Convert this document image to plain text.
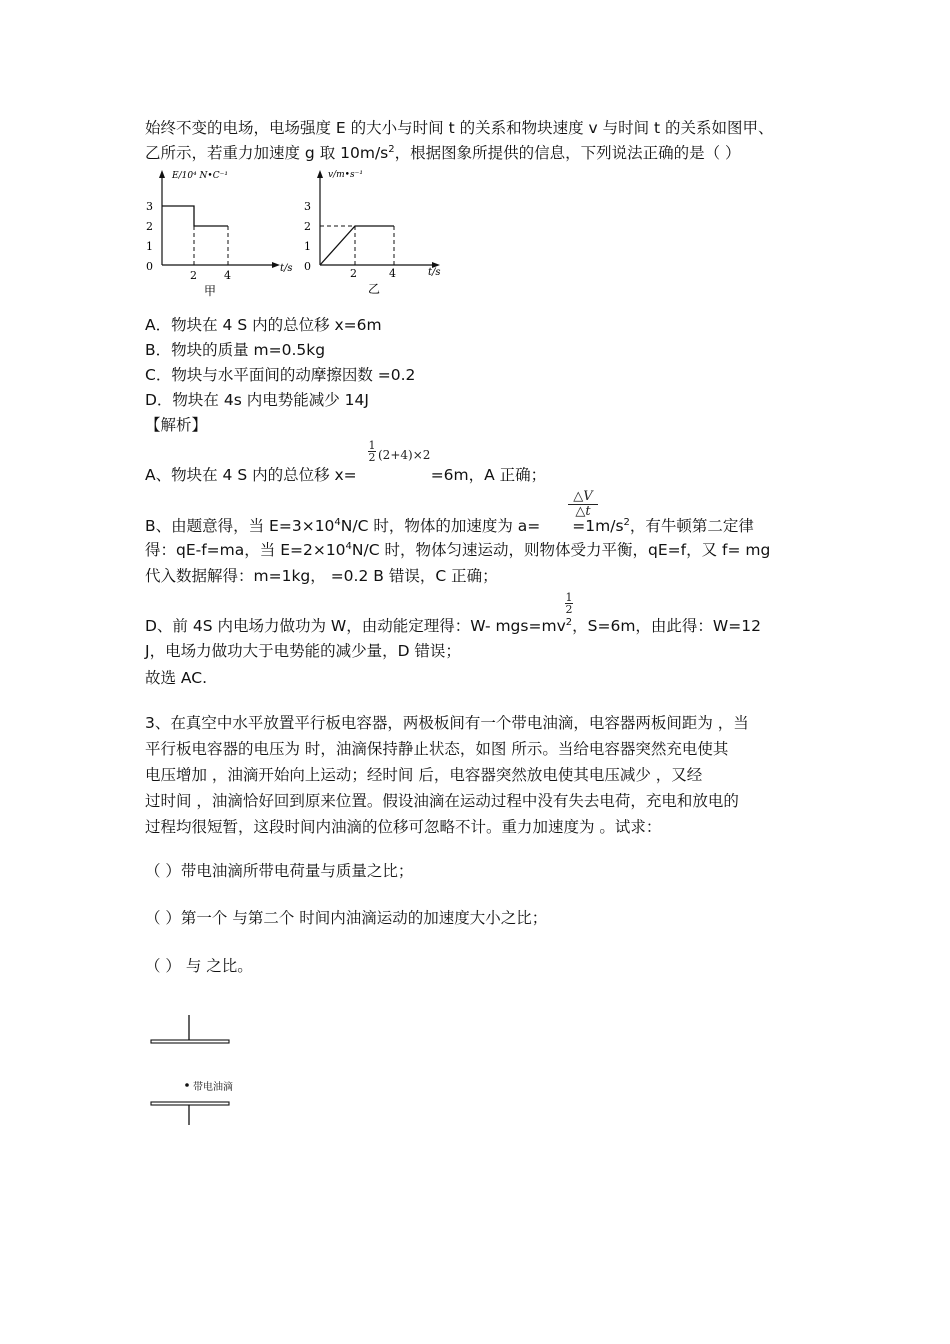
始终不变的电场，电场强度 E 的大小与时间 t 的关系和物块速度 v 与时间 t 的关系如图甲、
乙所示，若重力加速度 g 取 $10m/s^2$，根据图象所提供的信息，下列说法正确的是（ ）
E/10⁴ N•C⁻¹
t/s
3
2
1
0
2 4
甲
v/m•s⁻¹
t/s
3
2
1
0
2	4
乙
A．物块在 4 S 内的总位移 x=6m
B．物块的质量 m=0.5kg
C．物块与水平面间的动摩擦因数 =0.2
D．物块在 4s 内电势能减少 14J
【解析】
A、物块在 4 S 内的总位移 x=	=6m，A 正确；
1
2 (2+4)×2
B、由题意得，当 $E=3\times 10^4N/C$ 时，物体的加速度为 $a= =1m/s^2$，有牛顿第二定律
△V
△t
得：qE-f=ma，当 $E=2\times 10^4N/C$ 时，物体匀速运动，则物体受力平衡，qE=f，又 f= mg
代入数据解得：m=1kg， =0.2 B 错误，C 正确；
D、前 4S 内电场力做功为 W，由动能定理得：W- $mgs=mv^2$，S=6m，由此得：W=12
1
2
J，电场力做功大于电势能的减少量，D 错误；
故选 AC.
3、在真空中水平放置平行板电容器，两极板间有一个带电油滴，电容器两板间距为 ，当
平行板电容器的电压为 时，油滴保持静止状态，如图 所示。当给电容器突然充电使其
电压增加 ，油滴开始向上运动；经时间 后，电容器突然放电使其电压减少 ，又经
过时间 ，油滴恰好回到原来位置。假设油滴在运动过程中没有失去电荷，充电和放电的
过程均很短暂，这段时间内油滴的位移可忽略不计。重力加速度为 。试求：
（ ）带电油滴所带电荷量与质量之比；
（ ）第一个 与第二个 时间内油滴运动的加速度大小之比；
（ ） 与 之比。
带电油滴
